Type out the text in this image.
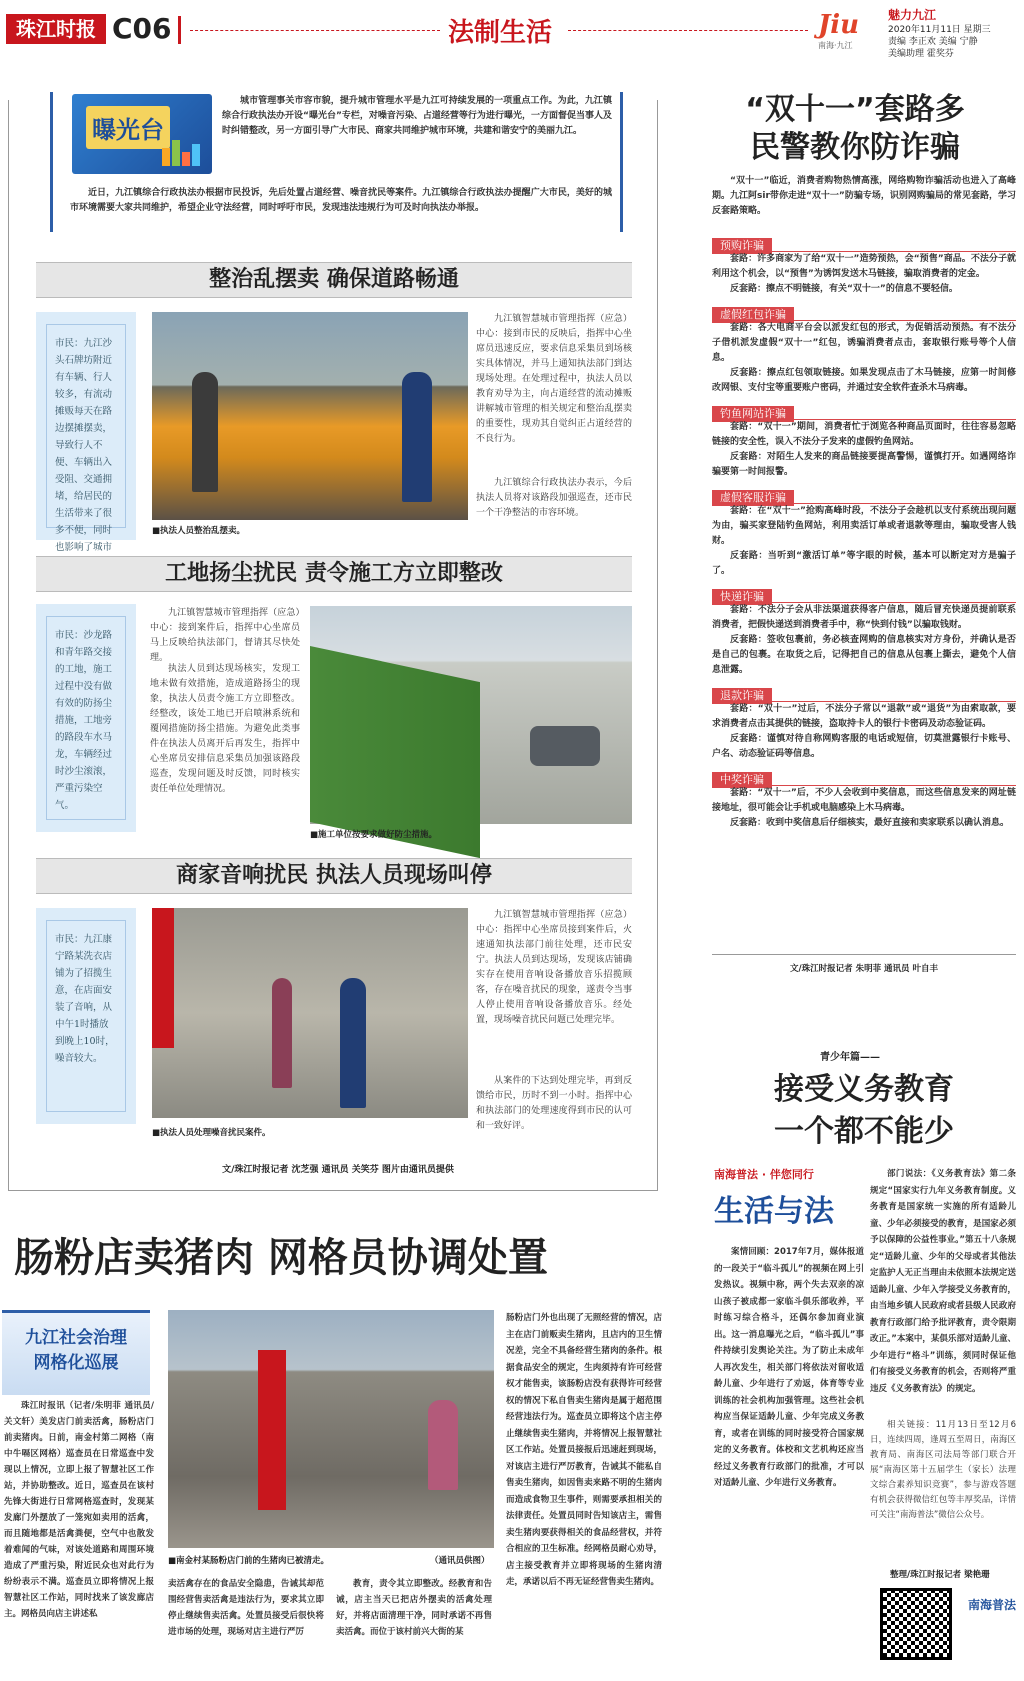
珠江时报 C06	法制生活	Jiu
南海·九江
魅力九江
2020年11月11日 星期三
责编 李正欢 美编 宁静
美编助理 霍奖芬
曝光台
城市管理事关市容市貌，提升城市管理水平是九江可持续发展的一项重点工作。为此，九江镇综合行政执法办开设“曝光台”专栏，对噪音污染、占道经营等行为进行曝光，一方面督促当事人及时纠错整改，另一方面引导广大市民、商家共同维护城市环境，共建和谐安宁的美丽九江。
近日，九江镇综合行政执法办根据市民投诉，先后处置占道经营、噪音扰民等案件。九江镇综合行政执法办提醒广大市民，美好的城市环境需要大家共同维护，希望企业守法经营，同时呼吁市民，发现违法违规行为可及时向执法办举报。
整治乱摆卖 确保道路畅通
市民：九江沙头石牌坊附近有车辆、行人较多，有流动摊贩每天在路边摆摊摆卖，导致行人不便、车辆出入受阻、交通拥堵，给居民的生活带来了很多不便，同时也影响了城市
■执法人员整治乱摆卖。
九江镇智慧城市管理指挥（应急）中心：接到市民的反映后，指挥中心坐席员迅速反应，要求信息采集员到场核实具体情况，并马上通知执法部门到达现场处理。在处理过程中，执法人员以教育劝导为主，向占道经营的流动摊贩讲解城市管理的相关规定和整治乱摆卖的重要性，现劝其自觉纠正占道经营的不良行为。
九江镇综合行政执法办表示，今后执法人员将对该路段加强巡查，还市民一个干净整洁的市容环境。
工地扬尘扰民 责令施工方立即整改
市民：沙龙路和青年路交接的工地，施工过程中没有做有效的防扬尘措施，工地旁的路段车水马龙，车辆经过时沙尘滚滚，严重污染空气。
九江镇智慧城市管理指挥（应急）中心：接到案件后，指挥中心坐席员马上反映给执法部门，督请其尽快处理。
执法人员到达现场核实，发现工地未做有效措施，造成道路扬尘的现象，执法人员责令施工方立即整改。经整改，该处工地已开启喷淋系统和覆网措施防扬尘措施。为避免此类事件在执法人员离开后再发生，指挥中心坐席员安排信息采集员加强该路段巡查，发现问题及时反馈，同时核实责任单位处理情况。
■施工单位按要求做好防尘措施。
商家音响扰民 执法人员现场叫停
市民：九江康宁路某洗衣店铺为了招揽生意，在店面安装了音响，从中午1时播放到晚上10时，噪音较大。
■执法人员处理噪音扰民案件。
九江镇智慧城市管理指挥（应急）中心：指挥中心坐席员接到案件后，火速通知执法部门前往处理，还市民安宁。执法人员到达现场，发现该店铺确实存在使用音响设备播放音乐招揽顾客，存在噪音扰民的现象，遂责令当事人停止使用音响设备播放音乐。经处置，现场噪音扰民问题已处理完毕。
从案件的下达到处理完毕，再到反馈给市民，历时不到一小时。指挥中心和执法部门的处理速度得到市民的认可和一致好评。
文/珠江时报记者 沈芝强 通讯员 关笑芬 图片由通讯员提供
“双十一”套路多
民警教你防诈骗
“双十一”临近，消费者购物热情高涨，网络购物诈骗活动也进入了高峰期。九江阿sir带你走进“双十一”防骗专场，识别网购骗局的常见套路，学习反套路策略。
预购诈骗
套路：许多商家为了给“双十一”造势预热，会“预售”商品。不法分子就利用这个机会，以“预售”为诱饵发送木马链接，骗取消费者的定金。
反套路：擦点不明链接，有关“双十一”的信息不要轻信。
虚假红包诈骗
套路：各大电商平台会以派发红包的形式，为促销活动预热。有不法分子借机派发虚假“双十一”红包，诱骗消费者点击，套取银行账号等个人信息。
反套路：擦点红包领取链接。如果发现点击了木马链接，应第一时间修改网银、支付宝等重要账户密码，并通过安全软件查杀木马病毒。
钓鱼网站诈骗
套路：“双十一”期间，消费者忙于浏览各种商品页面时，往往容易忽略链接的安全性，误入不法分子发来的虚假钓鱼网站。
反套路：对陌生人发来的商品链接要提高警惕，谨慎打开。如遇网络诈骗要第一时间报警。
虚假客服诈骗
套路：在“双十一”抢购高峰时段，不法分子会趁机以支付系统出现问题为由，骗买家登陆钓鱼网站，利用卖活订单或者退款等理由，骗取受害人钱财。
反套路：当听到“激活订单”等字眼的时候，基本可以断定对方是骗子了。
快递诈骗
套路：不法分子会从非法渠道获得客户信息，随后冒充快递员提前联系消费者，把假快递送到消费者手中，称“快到付钱”以骗取钱财。
反套路：签收包裹前，务必核查网购的信息核实对方身份，并确认是否是自己的包裹。在取货之后，记得把自己的信息从包裹上撕去，避免个人信息泄露。
退款诈骗
套路：“双十一”过后，不法分子常以“退款”或“退货”为由索取款，要求消费者点击其提供的链接，盗取持卡人的银行卡密码及动态验证码。
反套路：谨慎对待自称网购客服的电话或短信，切莫泄露银行卡账号、户名、动态验证码等信息。
中奖诈骗
套路：“双十一”后，不少人会收到中奖信息，而这些信息发来的网址链接地址，很可能会让手机或电脑感染上木马病毒。
反套路：收到中奖信息后仔细核实，最好直接和卖家联系以确认消息。
文/珠江时报记者 朱明菲 通讯员 叶自丰
青少年篇——
接受义务教育
一个都不能少
南海普法 · 伴您同行
生活与法
案情回顾：2017年7月，媒体报道的一段关于“临斗孤儿”的视频在网上引发热议。视频中称，两个失去双亲的凉山孩子被成都一家临斗俱乐部收养，平时练习综合格斗，还偶尔参加商业演出。这一消息曝光之后，“临斗孤儿”事件持续引发舆论关注。为了防止未成年人再次发生，相关部门将依法对留收适龄儿童、少年进行了劝返，体育等专业训练的社会机构加强管理。这些社会机构应当保证适龄儿童、少年完成义务教育，或者在训练的同时接受符合国家规定的义务教育。体校和文艺机构还应当经过义务教育行政部门的批准，才可以对适龄儿童、少年进行义务教育。
部门说法：《义务教育法》第二条规定“国家实行九年义务教育制度。义务教育是国家统一实施的所有适龄儿童、少年必须接受的教育，是国家必须予以保障的公益性事业。”第五十八条规定“适龄儿童、少年的父母或者其他法定监护人无正当理由未依照本法规定送适龄儿童、少年入学接受义务教育的，由当地乡镇人民政府或者县级人民政府教育行政部门给予批评教育，责令限期改正。”本案中，某俱乐部对适龄儿童、少年进行“格斗”训练，须同时保证他们有接受义务教育的机会，否则将严重违反《义务教育法》的规定。
相关链接：11月13日至12月6日，连续四周，逢周五至周日，南海区教育局、南海区司法局等部门联合开展“南海区第十五届学生（家长）法理文综合素养知识竞赛”，参与游戏答题有机会获得微信红包等丰厚奖品，详情可关注“南海普法”微信公众号。
整理/珠江时报记者 梁艳珊
南海普法
肠粉店卖猪肉 网格员协调处置
九江社会治理
网格化巡展
珠江时报讯（记者/朱明菲 通讯员/关文轩）美发店门前卖活禽，肠粉店门前卖猪肉。日前，南金村第二网格（南中牛嗝区网格）巡查员在日常巡查中发现以上情况，立即上报了智慧社区工作站，并协助整改。近日，巡查员在该村先锋大街进行日常网格巡查时，发现某发廊门外摆放了一笼宛如卖用的活禽，而且随地都是活禽粪便，空气中也散发着难闻的气味，对该处道路和周围环境造成了严重污染，附近民众也对此行为纷纷表示不满。巡查员立即将情况上报智慧社区工作站，同时找来了该发廊店主。网格员向店主讲述私
■南金村某肠粉店门前的生猪肉已被清走。	（通讯员供图）
卖活禽存在的食品安全隐患，告诫其却范围经营售卖活禽是违法行为，要求其立即停止继续售卖活禽。处置员接受后很快将进市场的处理，现场对店主进行严厉
教育，责令其立即整改。经教育和告诫，店主当天已把店外摆卖的活禽处理好，并将店面清理干净，同时承诺不再售卖活禽。而位于该村前兴大街的某
肠粉店门外也出现了无照经营的情况，店主在店门前贩卖生猪肉，且店内的卫生情况差，完全不具备经营生猪肉的条件。根据食品安全的规定，生肉须持有许可经营权才能售卖，该肠粉店没有获得许可经营权的情况下私自售卖生猪肉是属于超范围经营违法行为。巡查员立即将这个店主停止继续售卖生猪肉，并将情况上报智慧社区工作站。处置员接报后迅速赶到现场，对该店主进行严厉教育，告诫其不能私自售卖生猪肉，如因售卖来路不明的生猪肉而造成食物卫生事件，则需要承担相关的法律责任。处置员同时告知该店主，需售卖生猪肉要获得相关的食品经营权，并符合相应的卫生标准。经网格员耐心劝导，店主接受教育并立即将现场的生猪肉清走，承诺以后不再无证经营售卖生猪肉。
